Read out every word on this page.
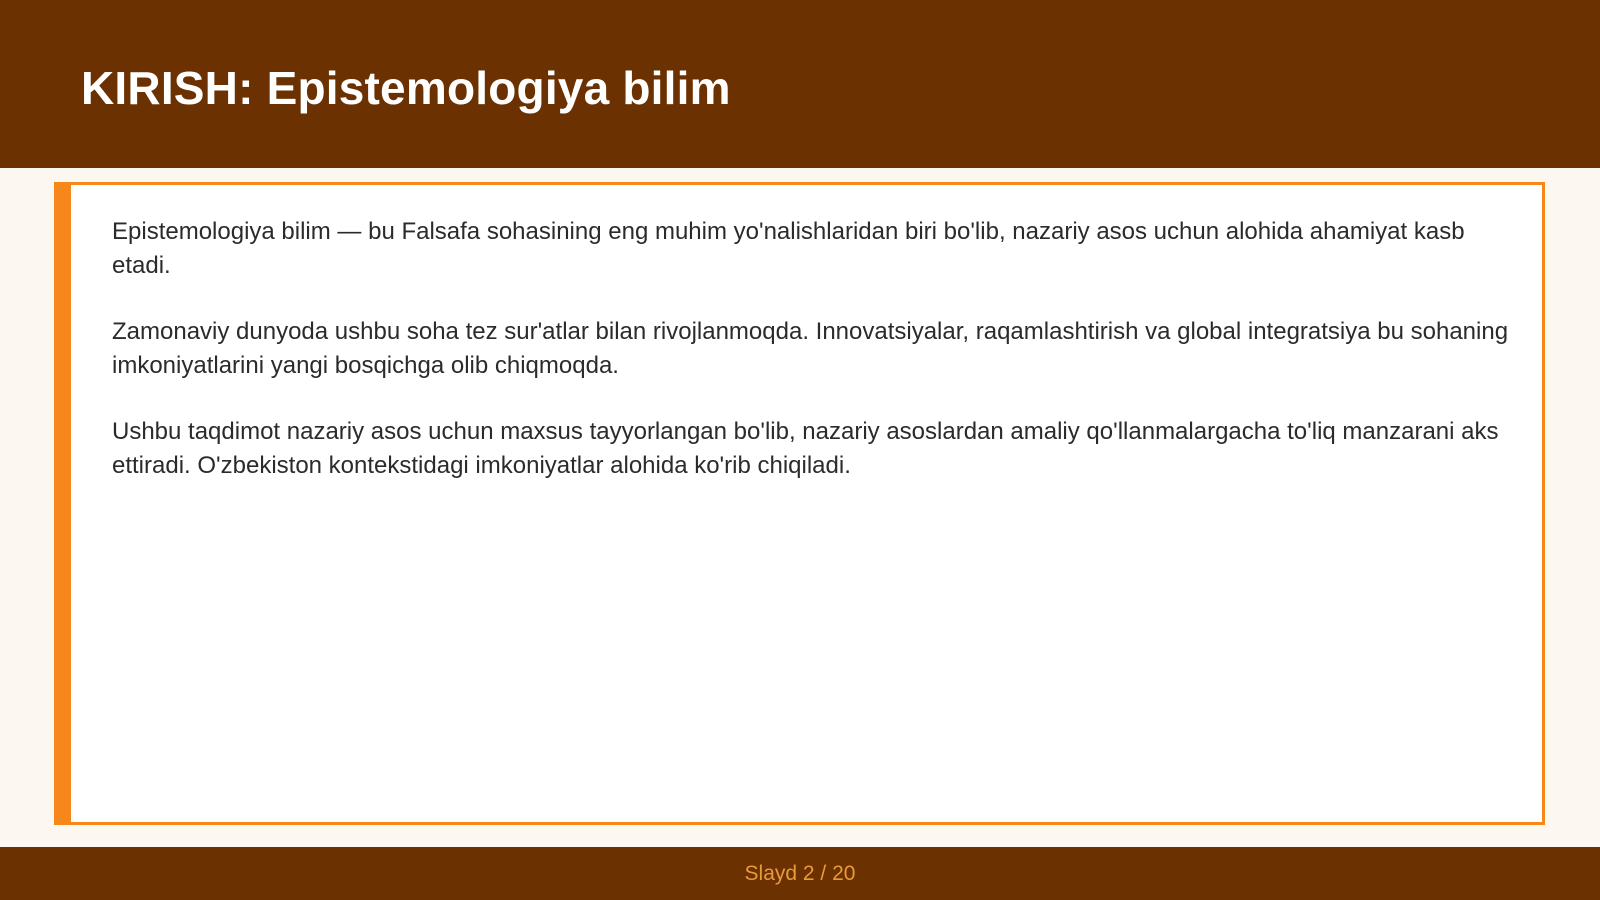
KIRISH: Epistemologiya bilim

Epistemologiya bilim — bu Falsafa sohasining eng muhim yo'nalishlaridan biri bo'lib, nazariy asos uchun alohida ahamiyat kasb etadi.

Zamonaviy dunyoda ushbu soha tez sur'atlar bilan rivojlanmoqda. Innovatsiyalar, raqamlashtirish va global integratsiya bu sohaning imkoniyatlarini yangi bosqichga olib chiqmoqda.

Ushbu taqdimot nazariy asos uchun maxsus tayyorlangan bo'lib, nazariy asoslardan amaliy qo'llanmalargacha to'liq manzarani aks ettiradi. O'zbekiston kontekstidagi imkoniyatlar alohida ko'rib chiqiladi.

Slayd 2 / 20
